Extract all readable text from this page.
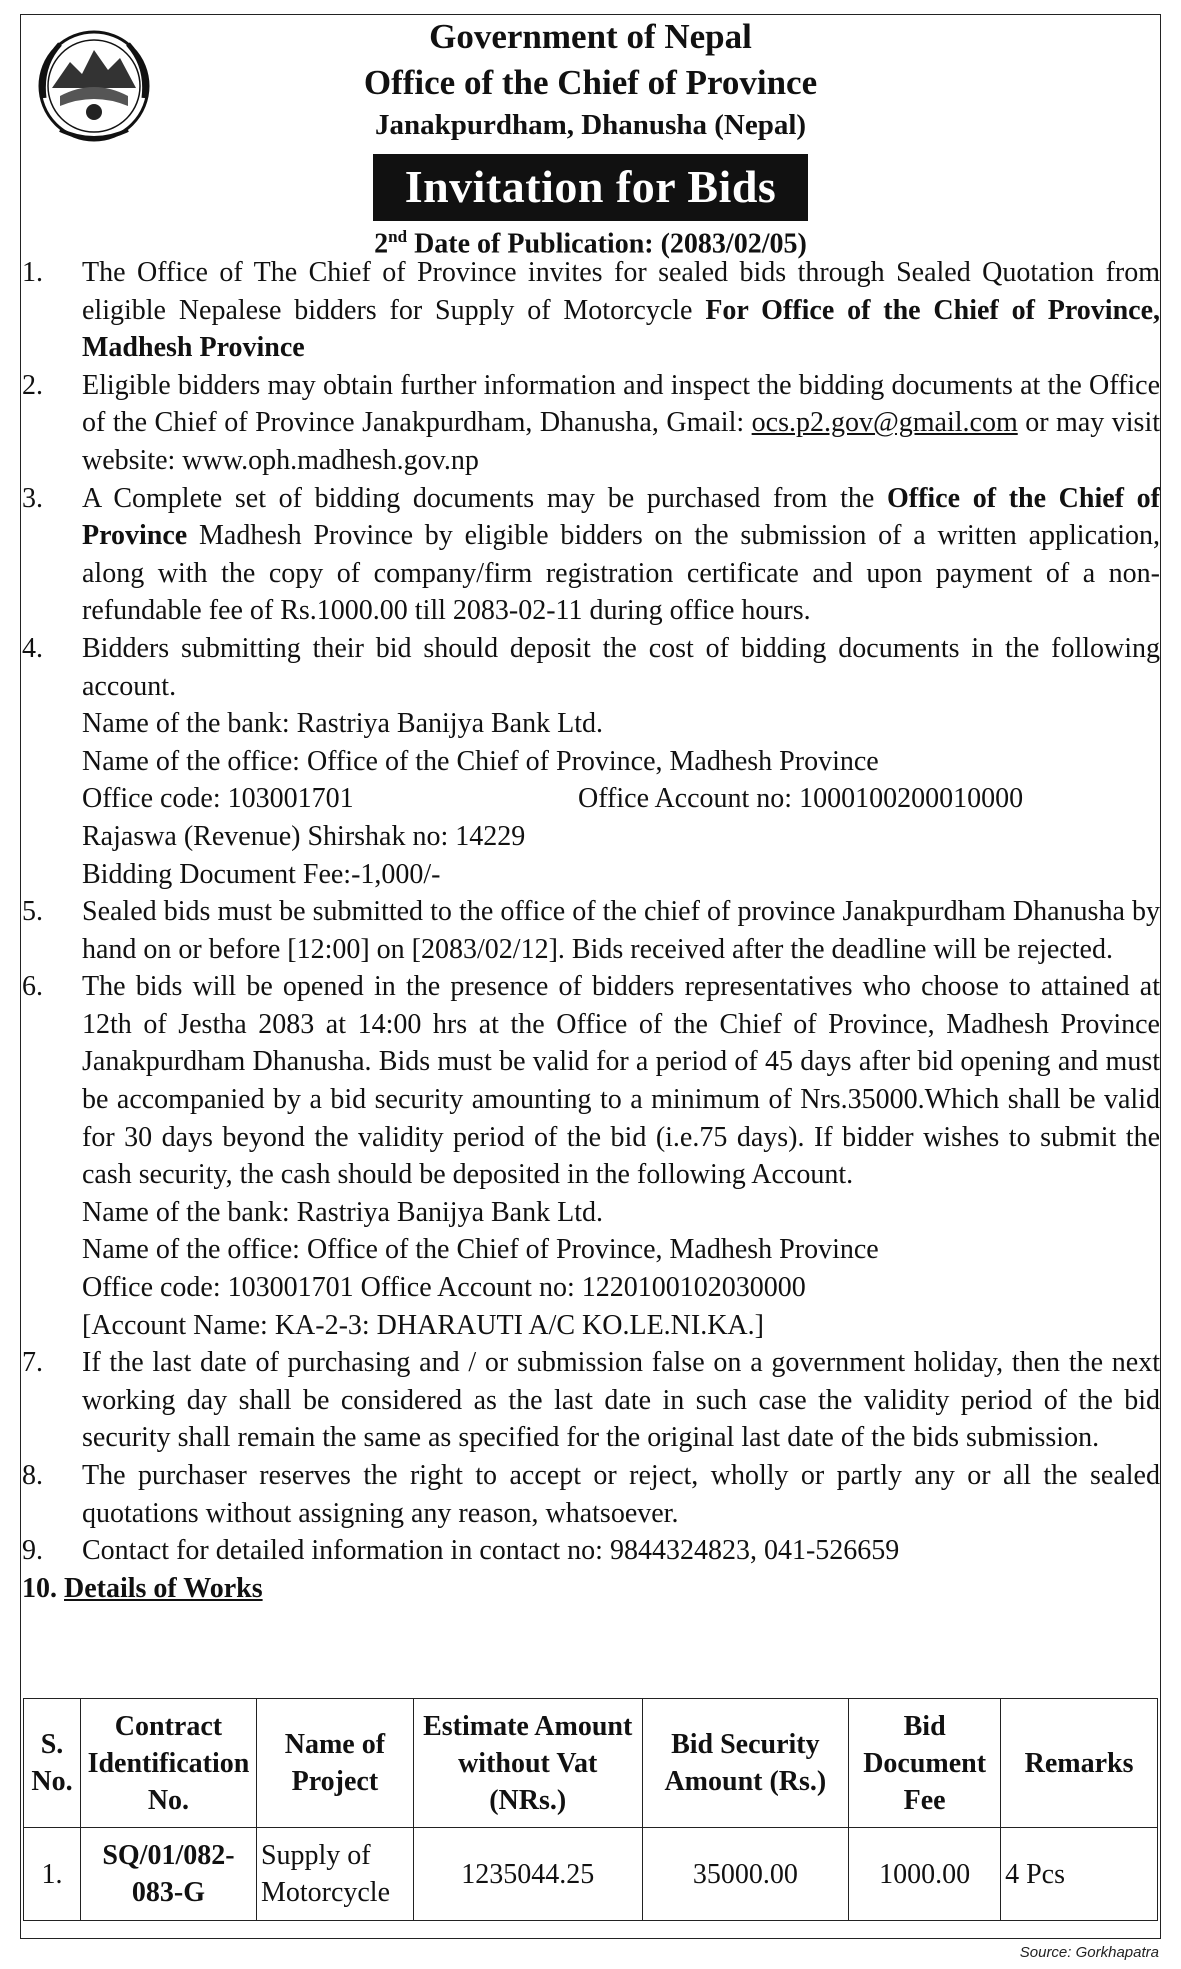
Government of Nepal
Office of the Chief of Province
Janakpurdham, Dhanusha (Nepal)
Invitation for Bids
2nd Date of Publication: (2083/02/05)
1.	The Office of The Chief of Province invites for sealed bids through Sealed Quotation from eligible Nepalese bidders for Supply of Motorcycle For Office of the Chief of Province, Madhesh Province
2.	Eligible bidders may obtain further information and inspect the bidding documents at the Office of the Chief of Province Janakpurdham, Dhanusha, Gmail: ocs.p2.gov@gmail.com or may visit website: www.oph.madhesh.gov.np
3.	A Complete set of bidding documents may be purchased from the Office of the Chief of Province Madhesh Province by eligible bidders on the submission of a written application, along with the copy of company/firm registration certificate and upon payment of a non-refundable fee of Rs.1000.00 till 2083-02-11 during office hours.
4.	Bidders submitting their bid should deposit the cost of bidding documents in the following account.
Name of the bank: Rastriya Banijya Bank Ltd.
Name of the office: Office of the Chief of Province, Madhesh Province
Office code: 103001701	Office Account no: 1000100200010000
Rajaswa (Revenue) Shirshak no: 14229
Bidding Document Fee:-1,000/-
5.	Sealed bids must be submitted to the office of the chief of province Janakpurdham Dhanusha by hand on or before [12:00] on [2083/02/12]. Bids received after the deadline will be rejected.
6.	The bids will be opened in the presence of bidders representatives who choose to attained at 12th of Jestha 2083 at 14:00 hrs at the Office of the Chief of Province, Madhesh Province Janakpurdham Dhanusha. Bids must be valid for a period of 45 days after bid opening and must be accompanied by a bid security amounting to a minimum of Nrs.35000.Which shall be valid for 30 days beyond the validity period of the bid (i.e.75 days). If bidder wishes to submit the cash security, the cash should be deposited in the following Account.
Name of the bank: Rastriya Banijya Bank Ltd.
Name of the office: Office of the Chief of Province, Madhesh Province
Office code: 103001701 Office Account no: 1220100102030000
[Account Name: KA-2-3: DHARAUTI A/C KO.LE.NI.KA.]
7.	If the last date of purchasing and / or submission false on a government holiday, then the next working day shall be considered as the last date in such case the validity period of the bid security shall remain the same as specified for the original last date of the bids submission.
8.	The purchaser reserves the right to accept or reject, wholly or partly any or all the sealed quotations without assigning any reason, whatsoever.
9.	Contact for detailed information in contact no: 9844324823, 041-526659
10. Details of Works
S. No.	Contract Identification No.	Name of Project	Estimate Amount without Vat (NRs.)	Bid Security Amount (Rs.)	Bid Document Fee	Remarks
1.	SQ/01/082-083-G	Supply of Motorcycle	1235044.25	35000.00	1000.00	4 Pcs
Source: Gorkhapatra
